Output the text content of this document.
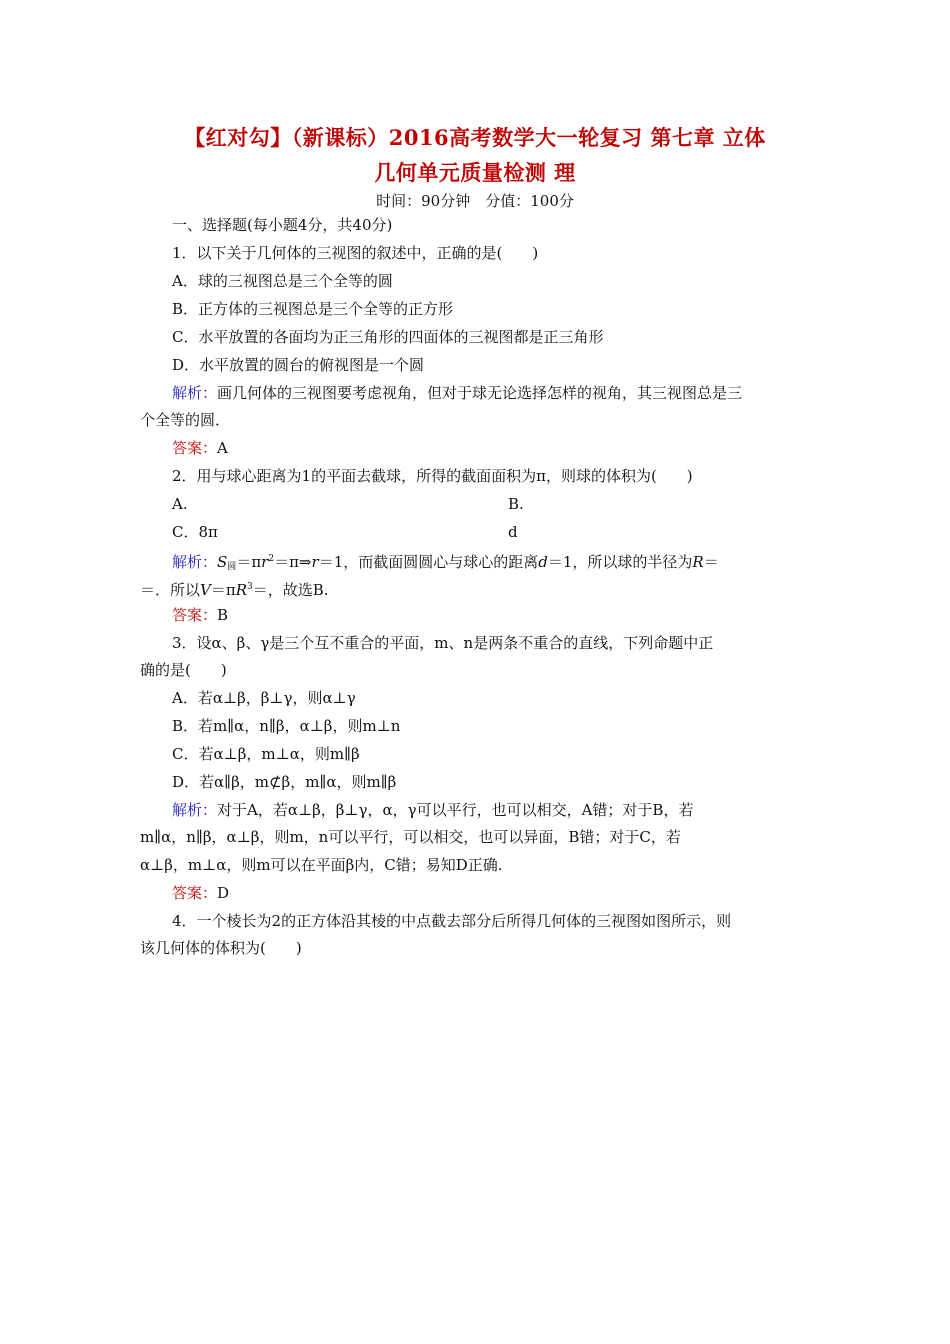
【红对勾】（新课标）2016高考数学大一轮复习 第七章 立体
几何单元质量检测 理
时间：90分钟　分值：100分
一、选择题(每小题4分，共40分)
1．以下关于几何体的三视图的叙述中，正确的是(　　)
A．球的三视图总是三个全等的圆
B．正方体的三视图总是三个全等的正方形
C．水平放置的各面均为正三角形的四面体的三视图都是正三角形
D．水平放置的圆台的俯视图是一个圆
解析：画几何体的三视图要考虑视角，但对于球无论选择怎样的视角，其三视图总是三
个全等的圆．
答案：A
2．用与球心距离为1的平面去截球，所得的截面面积为π，则球的体积为(　　)
A.	B.
C．8π	d
解析：$S_圆=\pi r^2=\pi\Rightarrow r=1$，而截面圆圆心与球心的距离d＝1，所以球的半径为R＝
＝．所以$V=\pi R^3=$，故选B.
答案：B
3．设α、β、γ是三个互不重合的平面，m、n是两条不重合的直线，下列命题中正
确的是(　　)
A．若α⊥β，β⊥γ，则α⊥γ
B．若m∥α，n∥β，α⊥β，则m⊥n
C．若α⊥β，m⊥α，则m∥β
D．若α∥β，m⊄β，m∥α，则m∥β
解析：对于A，若α⊥β，β⊥γ，α，γ可以平行，也可以相交，A错；对于B，若
m∥α，n∥β，α⊥β，则m，n可以平行，可以相交，也可以异面，B错；对于C，若
α⊥β，m⊥α，则m可以在平面β内，C错；易知D正确.
答案：D
4．一个棱长为2的正方体沿其棱的中点截去部分后所得几何体的三视图如图所示，则
该几何体的体积为(　　)
